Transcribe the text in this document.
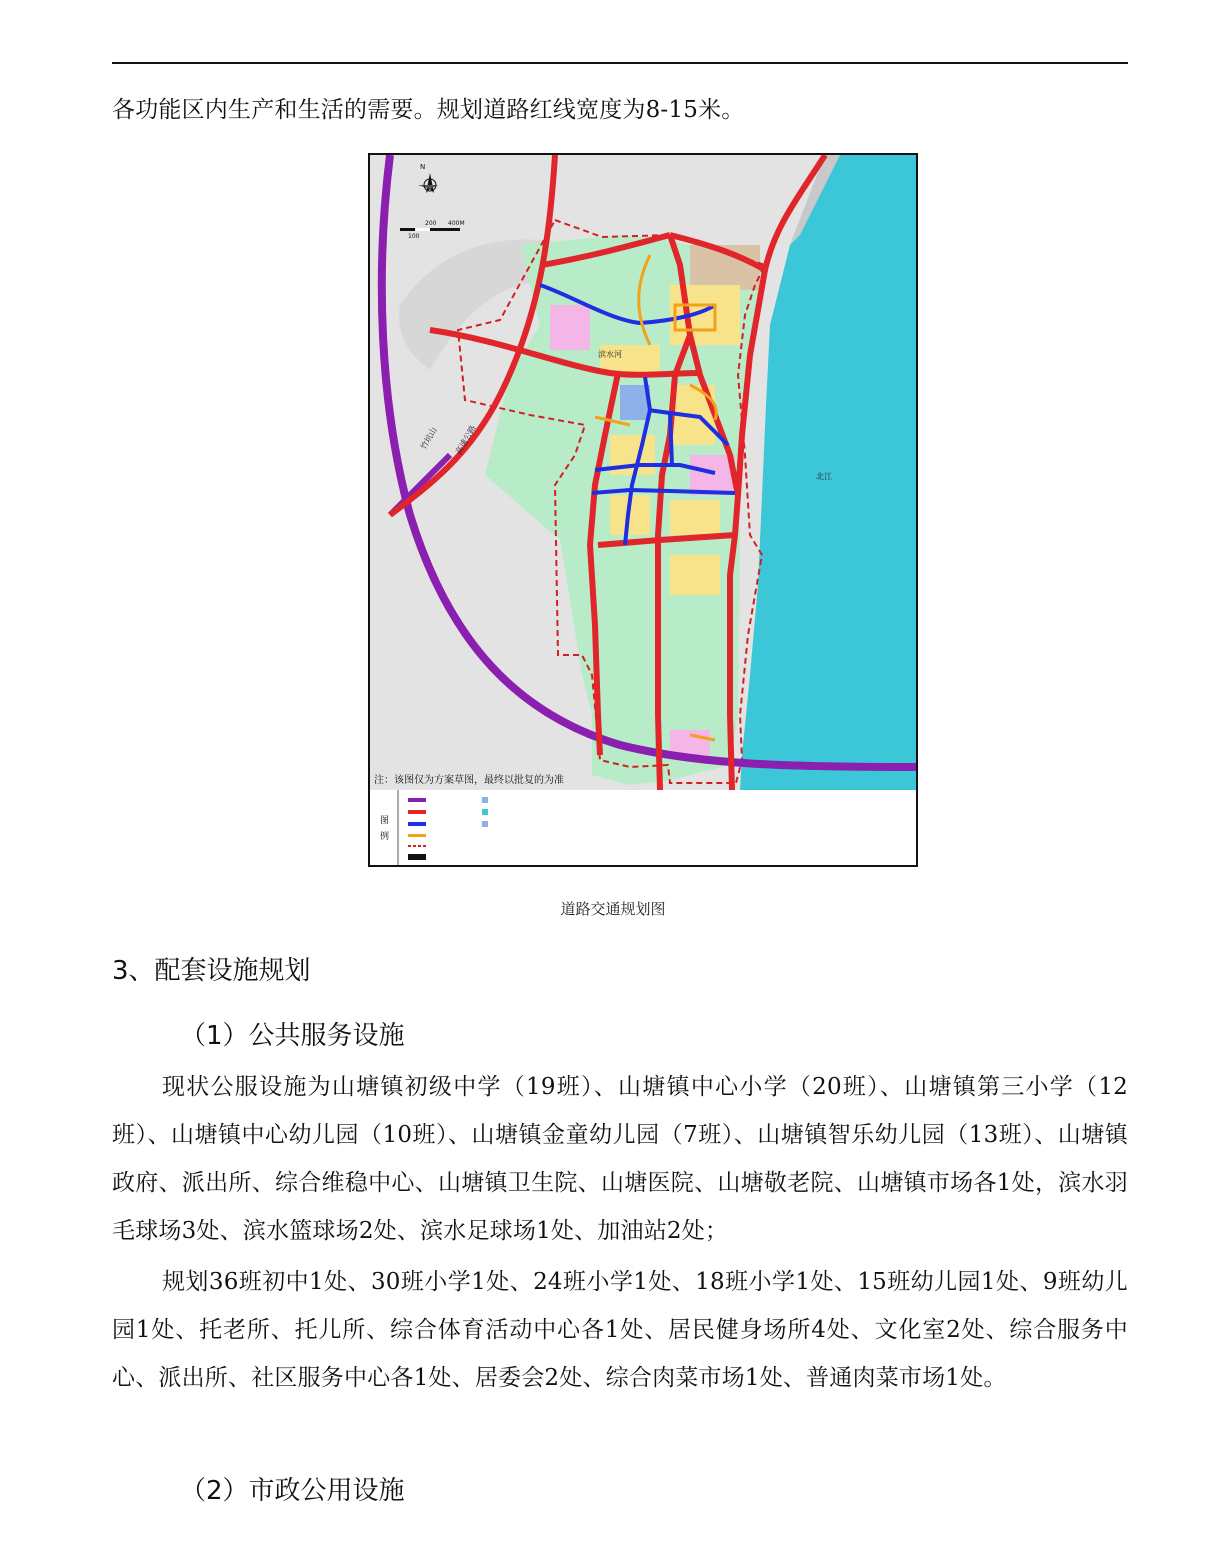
各功能区内生产和生活的需要。规划道路红线宽度为8-15米。
滨水河
北江
竹坑山 高速公路
N
100
200 400M
注：该图仅为方案草图，最终以批复的为准
图
例
道路交通规划图
3、配套设施规划
（1）公共服务设施
现状公服设施为山塘镇初级中学（19班）、山塘镇中心小学（20班）、山塘镇第三小学（12班）、山塘镇中心幼儿园（10班）、山塘镇金童幼儿园（7班）、山塘镇智乐幼儿园（13班）、山塘镇政府、派出所、综合维稳中心、山塘镇卫生院、山塘医院、山塘敬老院、山塘镇市场各1处，滨水羽毛球场3处、滨水篮球场2处、滨水足球场1处、加油站2处；
规划36班初中1处、30班小学1处、24班小学1处、18班小学1处、15班幼儿园1处、9班幼儿园1处、托老所、托儿所、综合体育活动中心各1处、居民健身场所4处、文化室2处、综合服务中心、派出所、社区服务中心各1处、居委会2处、综合肉菜市场1处、普通肉菜市场1处。
（2）市政公用设施
